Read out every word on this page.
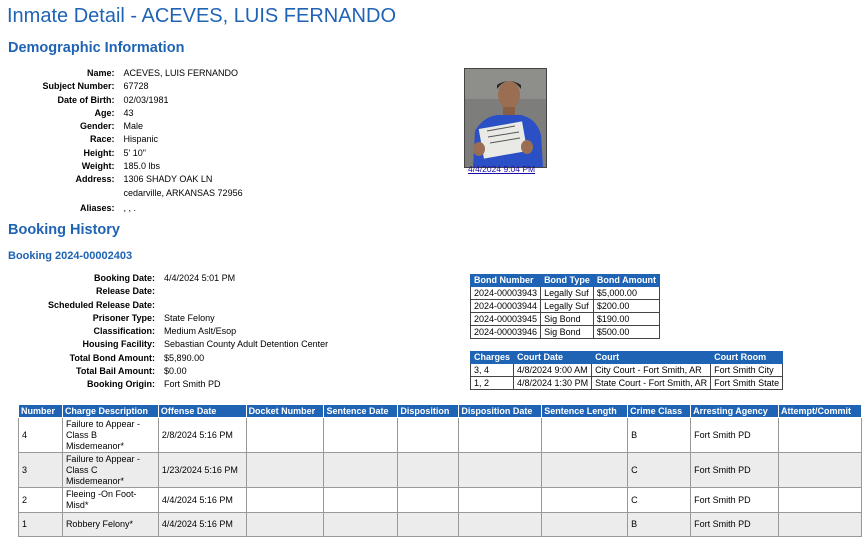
Inmate Detail - ACEVES, LUIS FERNANDO
Demographic Information
Name:	ACEVES, LUIS FERNANDO
Subject Number:	67728
Date of Birth:	02/03/1981
Age:	43
Gender:	Male
Race:	Hispanic
Height:	5' 10"
Weight:	185.0 lbs
Address:	1306 SHADY OAK LN
cedarville, ARKANSAS 72956
Aliases:	, , .
4/4/2024 9:04 PM
Booking History
Booking 2024-00002403
Booking Date:	4/4/2024 5:01 PM
Release Date:	
Scheduled Release Date:	
Prisoner Type:	State Felony
Classification:	Medium Aslt/Esop
Housing Facility:	Sebastian County Adult Detention Center
Total Bond Amount:	$5,890.00
Total Bail Amount:	$0.00
Booking Origin:	Fort Smith PD
Bond Number	Bond Type	Bond Amount
2024-00003943	Legally Suf	$5,000.00
2024-00003944	Legally Suf	$200.00
2024-00003945	Sig Bond	$190.00
2024-00003946	Sig Bond	$500.00
Charges	Court Date	Court	Court Room
3, 4	4/8/2024 9:00 AM	City Court - Fort Smith, AR	Fort Smith City
1, 2	4/8/2024 1:30 PM	State Court - Fort Smith, AR	Fort Smith State
Number	Charge Description	Offense Date	Docket Number	Sentence Date	Disposition	Disposition Date	Sentence Length	Crime Class	Arresting Agency	Attempt/Commit
4	Failure to Appear - Class B Misdemeanor*	2/8/2024 5:16 PM						B	Fort Smith PD	
3	Failure to Appear - Class C Misdemeanor*	1/23/2024 5:16 PM						C	Fort Smith PD	
2	Fleeing -On Foot-Misd*	4/4/2024 5:16 PM						C	Fort Smith PD	
1	Robbery Felony*	4/4/2024 5:16 PM						B	Fort Smith PD	
